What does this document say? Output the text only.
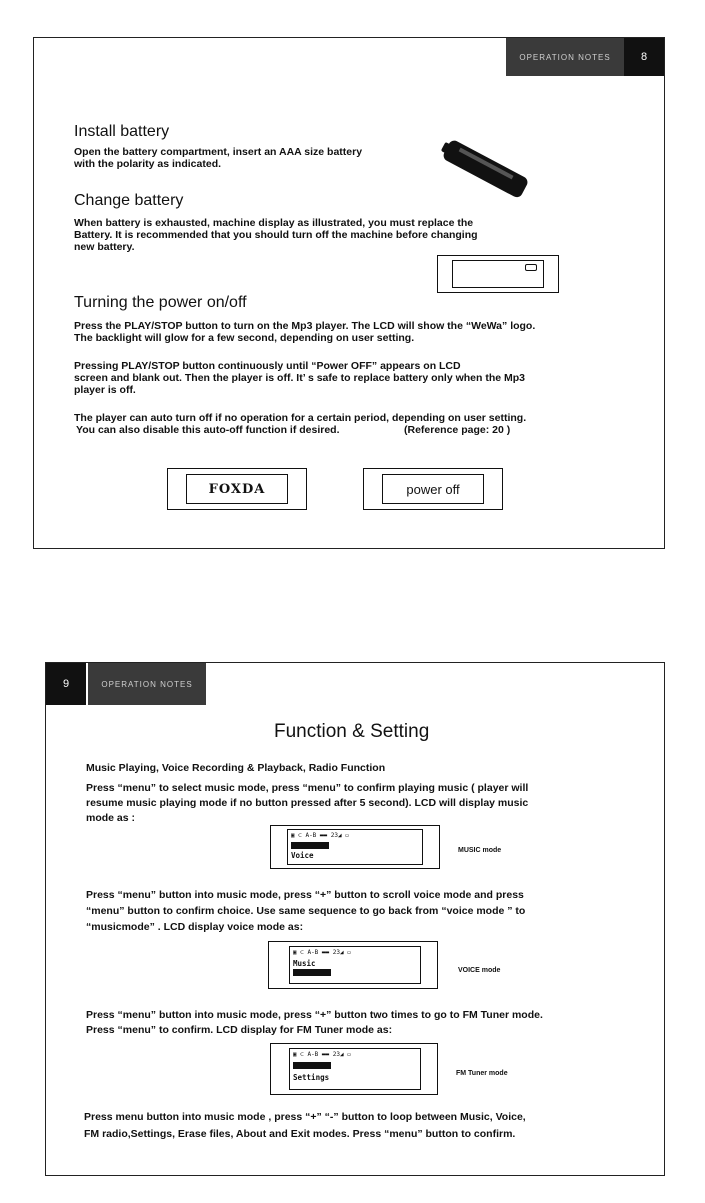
OPERATION NOTES	8
Install battery

Open the battery compartment, insert an AAA size battery

with the polarity as indicated.

Change battery

When battery is exhausted, machine display as illustrated, you must replace the

Battery. It is recommended that you should turn off the machine before changing

new battery.

Turning the power on/off

Press the PLAY/STOP button to turn on the Mp3 player. The LCD will show the “WeWa” logo.

The backlight will glow for a few second, depending on user setting.

Pressing PLAY/STOP button continuously until “Power OFF” appears on LCD

screen and blank out. Then the player is off. It’ s safe to replace battery only when the Mp3

player is off.

The player can auto turn off if no operation for a certain period, depending on user setting.

You can also disable this auto-off function if desired.	(Reference page: 20 )

FOXDA	power off
9	OPERATION NOTES
Function & Setting

Music Playing, Voice Recording & Playback, Radio Function

Press “menu” to select music mode, press “menu” to confirm playing music ( player will

resume music playing mode if no button pressed after 5 second). LCD will display music

mode as :

▣ ⊂ A-B ▬▬ 23◢ ▭
Voice
MUSIC mode

Press “menu” button into music mode, press “+” button to scroll voice mode and press

“menu” button to confirm choice. Use same sequence to go back from “voice mode ” to

“musicmode” . LCD display voice mode as:

▣ ⊂ A-B ▬▬ 23◢ ▭
Music
VOICE mode

Press “menu” button into music mode, press “+” button two times to go to FM Tuner mode.

Press “menu” to confirm. LCD display for FM Tuner mode as:

▣ ⊂ A-B ▬▬ 23◢ ▭
Settings	FM Tuner mode

Press menu button into music mode , press “+” “-” button to loop between Music, Voice,

FM radio,Settings, Erase files, About and Exit modes. Press “menu” button to confirm.
